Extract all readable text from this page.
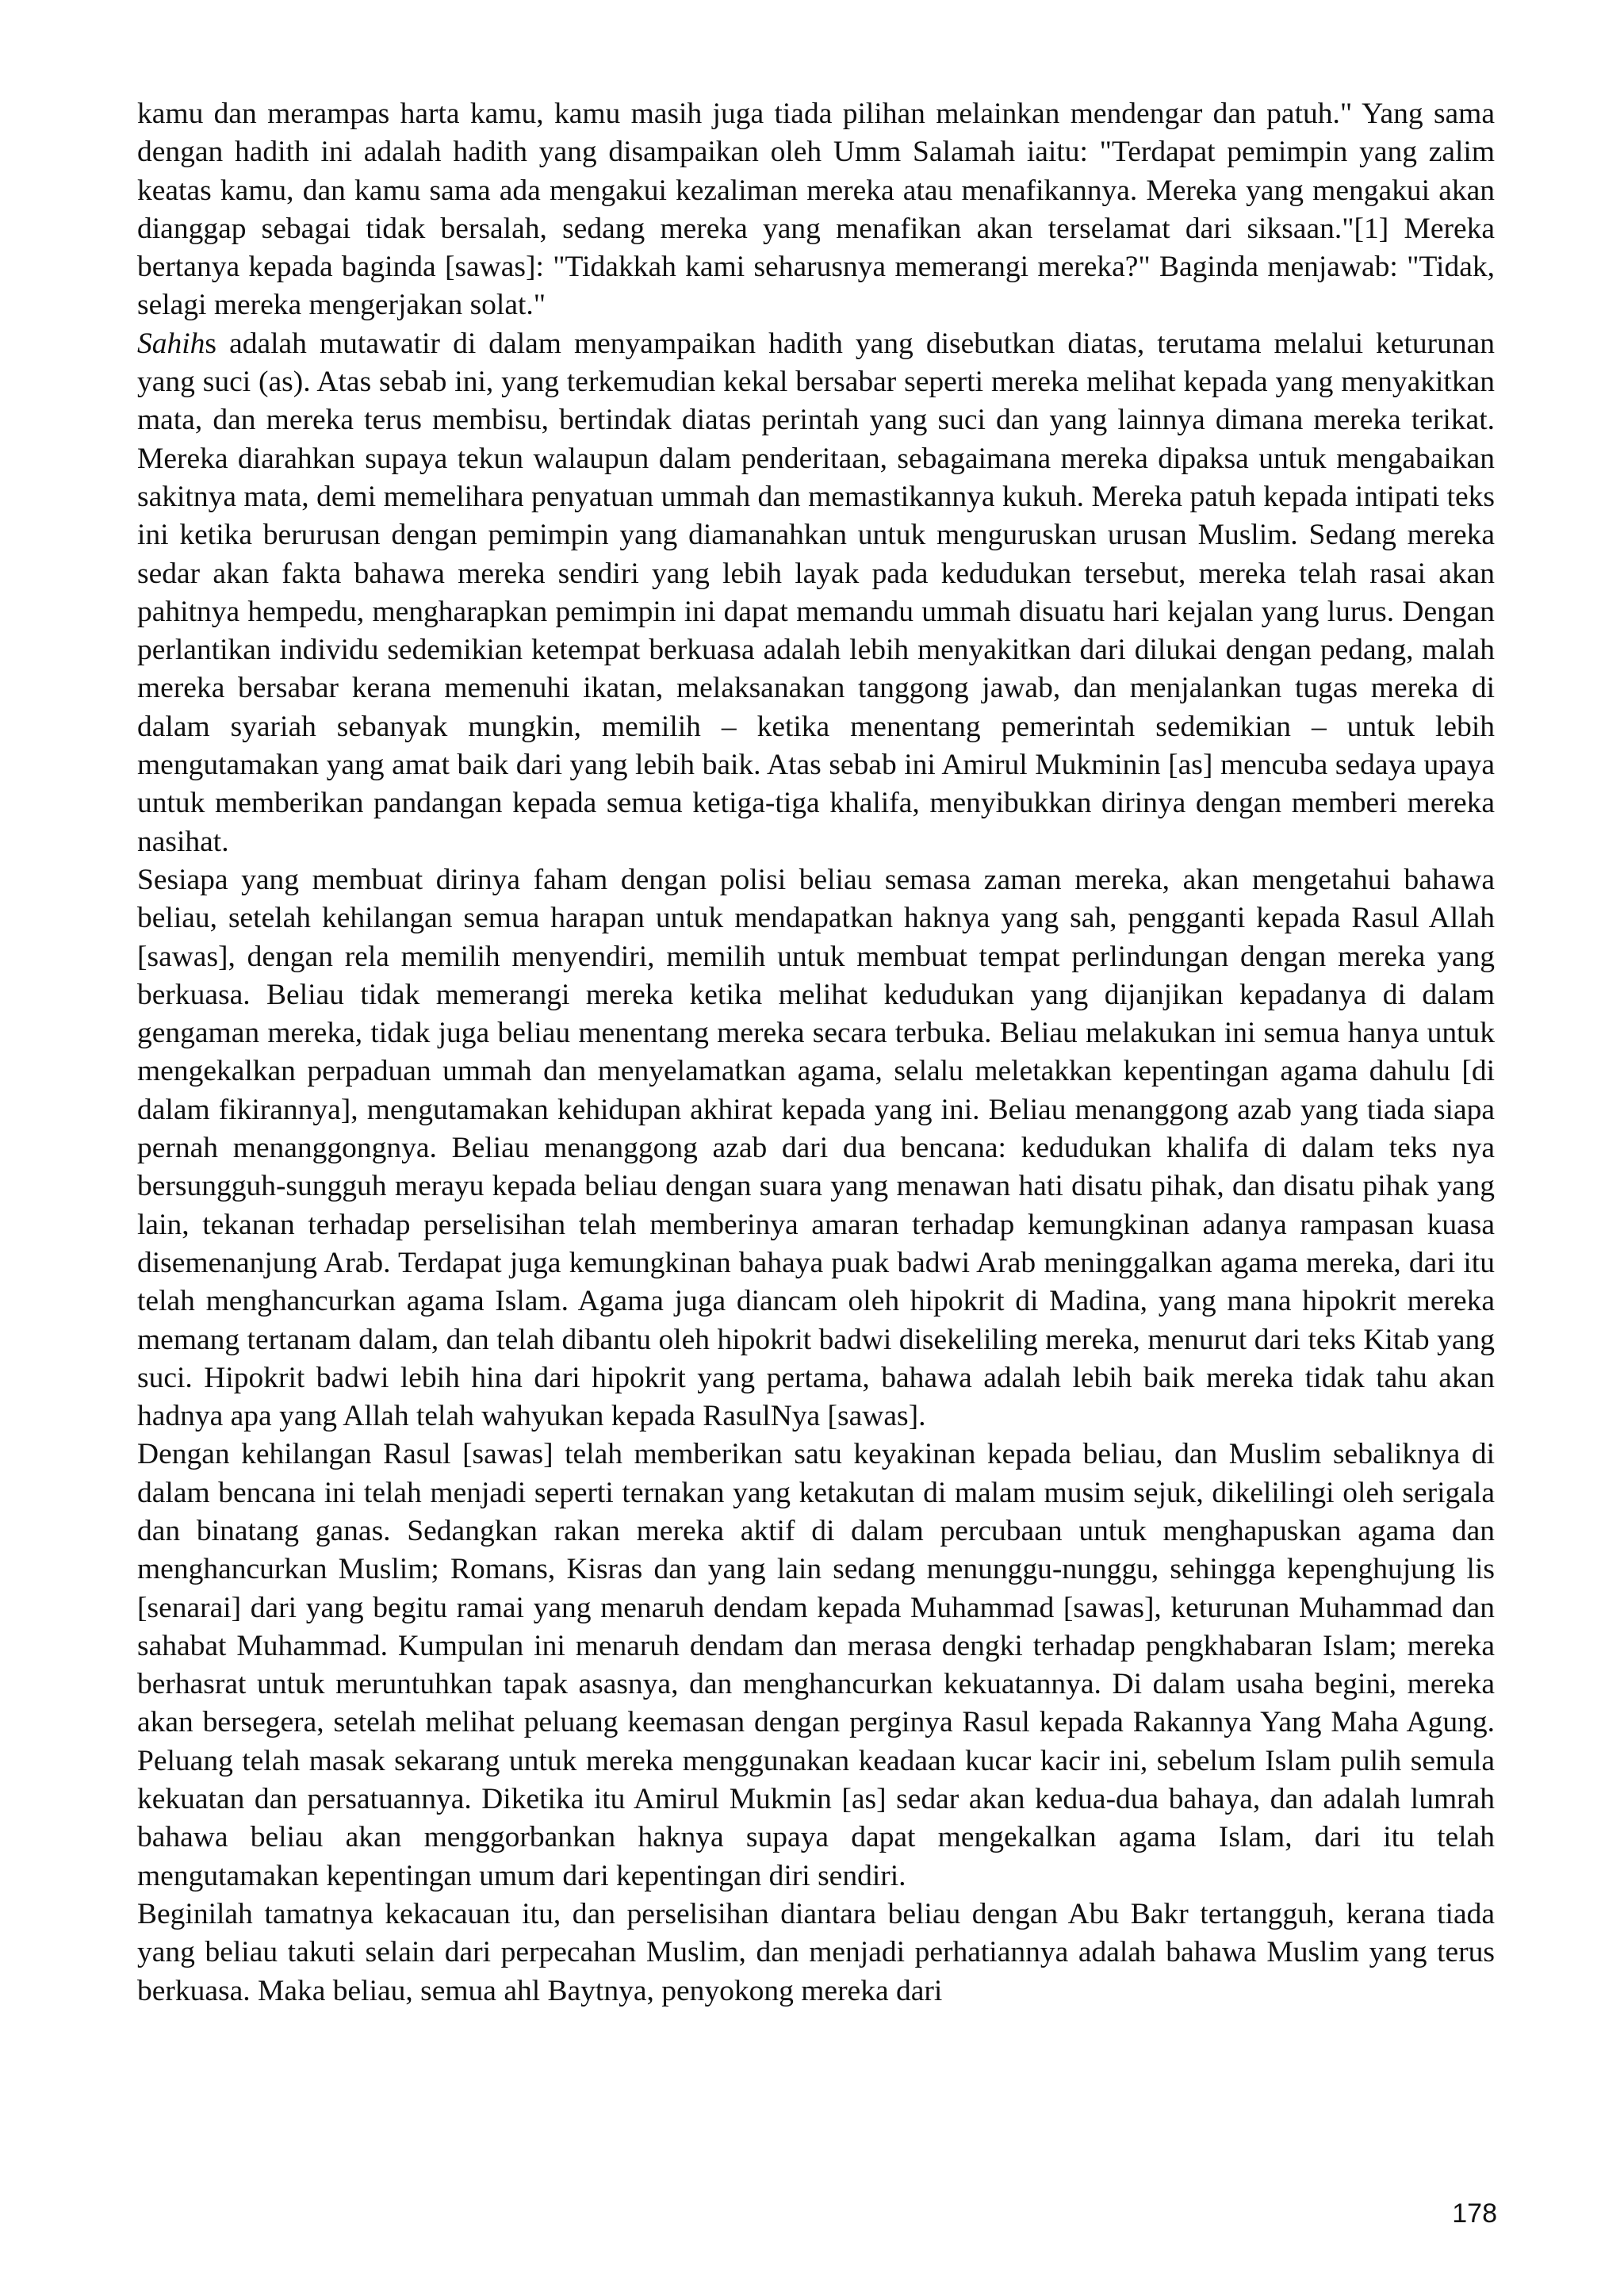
kamu dan merampas harta kamu, kamu masih juga tiada pilihan melainkan mendengar dan patuh." Yang sama dengan hadith ini adalah hadith yang disampaikan oleh Umm Salamah iaitu: "Terdapat pemimpin yang zalim keatas kamu, dan kamu sama ada mengakui kezaliman mereka atau menafikannya. Mereka yang mengakui akan dianggap sebagai tidak bersalah, sedang mereka yang menafikan akan terselamat dari siksaan."[1] Mereka bertanya kepada baginda [sawas]: "Tidakkah kami seharusnya memerangi mereka?" Baginda menjawab: "Tidak, selagi mereka mengerjakan solat."

Sahihs adalah mutawatir di dalam menyampaikan hadith yang disebutkan diatas, terutama melalui keturunan yang suci (as). Atas sebab ini, yang terkemudian kekal bersabar seperti mereka melihat kepada yang menyakitkan mata, dan mereka terus membisu, bertindak diatas perintah yang suci dan yang lainnya dimana mereka terikat. Mereka diarahkan supaya tekun walaupun dalam penderitaan, sebagaimana mereka dipaksa untuk mengabaikan sakitnya mata, demi memelihara penyatuan ummah dan memastikannya kukuh. Mereka patuh kepada intipati teks ini ketika berurusan dengan pemimpin yang diamanahkan untuk menguruskan urusan Muslim. Sedang mereka sedar akan fakta bahawa mereka sendiri yang lebih layak pada kedudukan tersebut, mereka telah rasai akan pahitnya hempedu, mengharapkan pemimpin ini dapat memandu ummah disuatu hari kejalan yang lurus. Dengan perlantikan individu sedemikian ketempat berkuasa adalah lebih menyakitkan dari dilukai dengan pedang, malah mereka bersabar kerana memenuhi ikatan, melaksanakan tanggong jawab, dan menjalankan tugas mereka di dalam syariah sebanyak mungkin, memilih – ketika menentang pemerintah sedemikian – untuk lebih mengutamakan yang amat baik dari yang lebih baik. Atas sebab ini Amirul Mukminin [as] mencuba sedaya upaya untuk memberikan pandangan kepada semua ketiga-tiga khalifa, menyibukkan dirinya dengan memberi mereka nasihat.

Sesiapa yang membuat dirinya faham dengan polisi beliau semasa zaman mereka, akan mengetahui bahawa beliau, setelah kehilangan semua harapan untuk mendapatkan haknya yang sah, pengganti kepada Rasul Allah [sawas], dengan rela memilih menyendiri, memilih untuk membuat tempat perlindungan dengan mereka yang berkuasa. Beliau tidak memerangi mereka ketika melihat kedudukan yang dijanjikan kepadanya di dalam gengaman mereka, tidak juga beliau menentang mereka secara terbuka. Beliau melakukan ini semua hanya untuk mengekalkan perpaduan ummah dan menyelamatkan agama, selalu meletakkan kepentingan agama dahulu [di dalam fikirannya], mengutamakan kehidupan akhirat kepada yang ini. Beliau menanggong azab yang tiada siapa pernah menanggongnya. Beliau menanggong azab dari dua bencana: kedudukan khalifa di dalam teks nya bersungguh-sungguh merayu kepada beliau dengan suara yang menawan hati disatu pihak, dan disatu pihak yang lain, tekanan terhadap perselisihan telah memberinya amaran terhadap kemungkinan adanya rampasan kuasa disemenanjung Arab. Terdapat juga kemungkinan bahaya puak badwi Arab meninggalkan agama mereka, dari itu telah menghancurkan agama Islam. Agama juga diancam oleh hipokrit di Madina, yang mana hipokrit mereka memang tertanam dalam, dan telah dibantu oleh hipokrit badwi disekeliling mereka, menurut dari teks Kitab yang suci. Hipokrit badwi lebih hina dari hipokrit yang pertama, bahawa adalah lebih baik mereka tidak tahu akan hadnya apa yang Allah telah wahyukan kepada RasulNya [sawas].

Dengan kehilangan Rasul [sawas] telah memberikan satu keyakinan kepada beliau, dan Muslim sebaliknya di dalam bencana ini telah menjadi seperti ternakan yang ketakutan di malam musim sejuk, dikelilingi oleh serigala dan binatang ganas. Sedangkan rakan mereka aktif di dalam percubaan untuk menghapuskan agama dan menghancurkan Muslim; Romans, Kisras dan yang lain sedang menunggu-nunggu, sehingga kepenghujung lis [senarai] dari yang begitu ramai yang menaruh dendam kepada Muhammad [sawas], keturunan Muhammad dan sahabat Muhammad. Kumpulan ini menaruh dendam dan merasa dengki terhadap pengkhabaran Islam; mereka berhasrat untuk meruntuhkan tapak asasnya, dan menghancurkan kekuatannya. Di dalam usaha begini, mereka akan bersegera, setelah melihat peluang keemasan dengan perginya Rasul kepada Rakannya Yang Maha Agung. Peluang telah masak sekarang untuk mereka menggunakan keadaan kucar kacir ini, sebelum Islam pulih semula kekuatan dan persatuannya. Diketika itu Amirul Mukmin [as] sedar akan kedua-dua bahaya, dan adalah lumrah bahawa beliau akan menggorbankan haknya supaya dapat mengekalkan agama Islam, dari itu telah mengutamakan kepentingan umum dari kepentingan diri sendiri.

Beginilah tamatnya kekacauan itu, dan perselisihan diantara beliau dengan Abu Bakr tertangguh, kerana tiada yang beliau takuti selain dari perpecahan Muslim, dan menjadi perhatiannya adalah bahawa Muslim yang terus berkuasa. Maka beliau, semua ahl Baytnya, penyokong mereka dari

178
